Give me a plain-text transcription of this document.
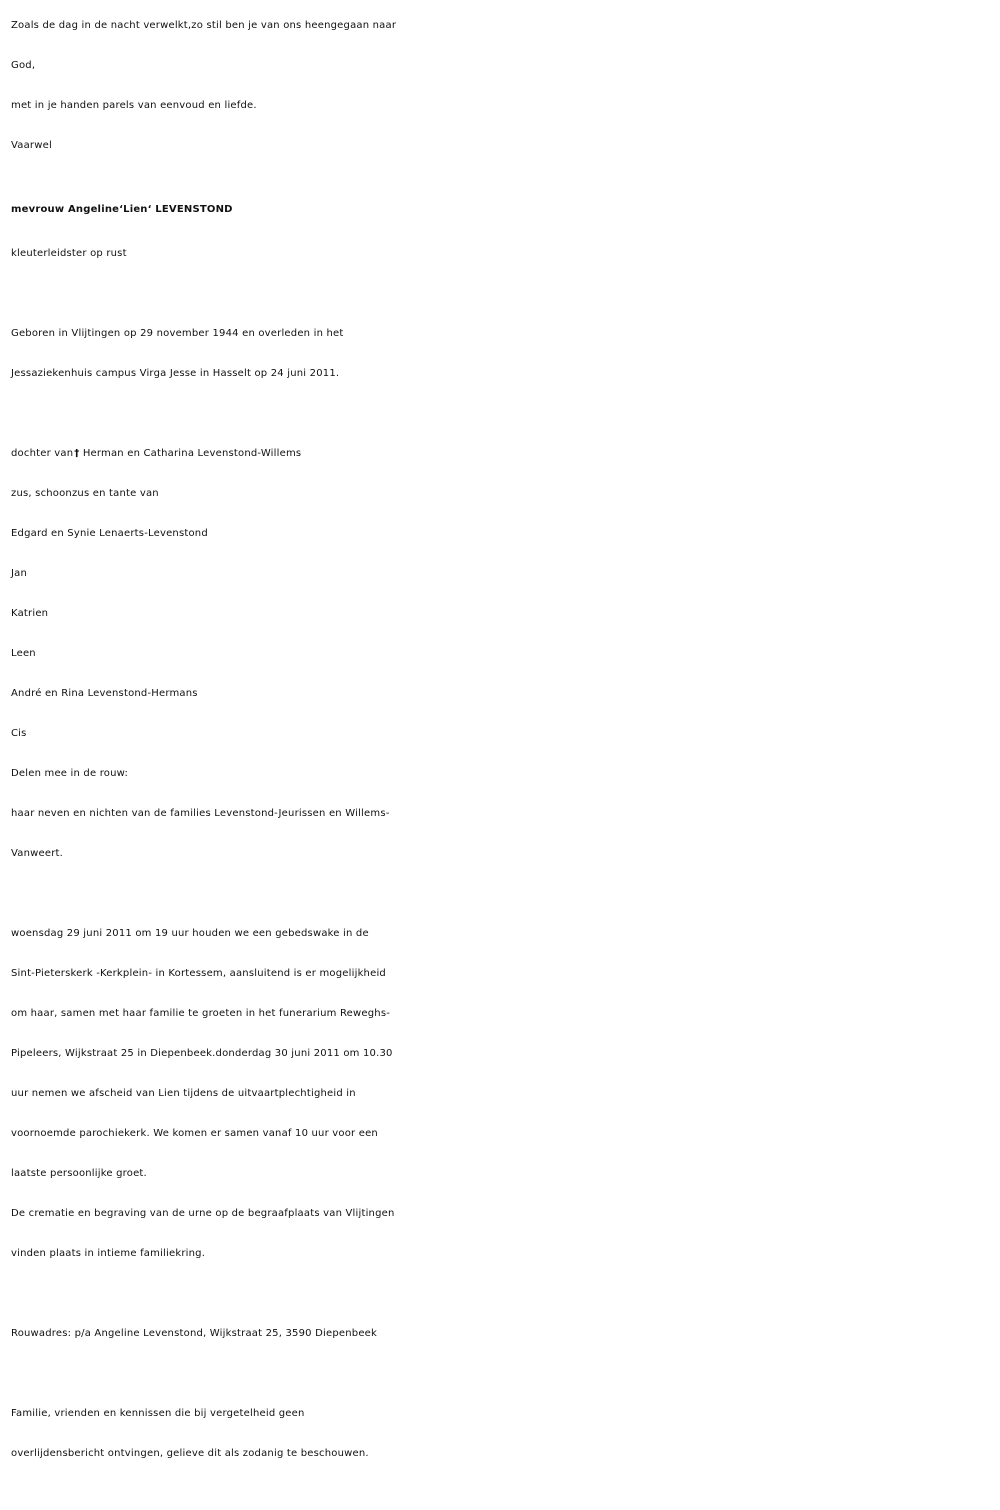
Zoals de dag in de nacht verwelkt,zo stil ben je van ons heengegaan naar
God,
met in je handen parels van eenvoud en liefde.
Vaarwel
mevrouw Angeline‘Lien‘ LEVENSTOND
kleuterleidster op rust
Geboren in Vlijtingen op 29 november 1944 en overleden in het
Jessaziekenhuis campus Virga Jesse in Hasselt op 24 juni 2011.
dochter van† Herman en Catharina Levenstond-Willems
zus, schoonzus en tante van
Edgard en Synie Lenaerts-Levenstond
Jan
Katrien
Leen
André en Rina Levenstond-Hermans
Cis
Delen mee in de rouw:
haar neven en nichten van de families Levenstond-Jeurissen en Willems-
Vanweert.
woensdag 29 juni 2011 om 19 uur houden we een gebedswake in de
Sint-Pieterskerk -Kerkplein- in Kortessem, aansluitend is er mogelijkheid
om haar, samen met haar familie te groeten in het funerarium Reweghs-
Pipeleers, Wijkstraat 25 in Diepenbeek.donderdag 30 juni 2011 om 10.30
uur nemen we afscheid van Lien tijdens de uitvaartplechtigheid in
voornoemde parochiekerk. We komen er samen vanaf 10 uur voor een
laatste persoonlijke groet.
De crematie en begraving van de urne op de begraafplaats van Vlijtingen
vinden plaats in intieme familiekring.
Rouwadres: p/a Angeline Levenstond, Wijkstraat 25, 3590 Diepenbeek
Familie, vrienden en kennissen die bij vergetelheid geen
overlijdensbericht ontvingen, gelieve dit als zodanig te beschouwen.
